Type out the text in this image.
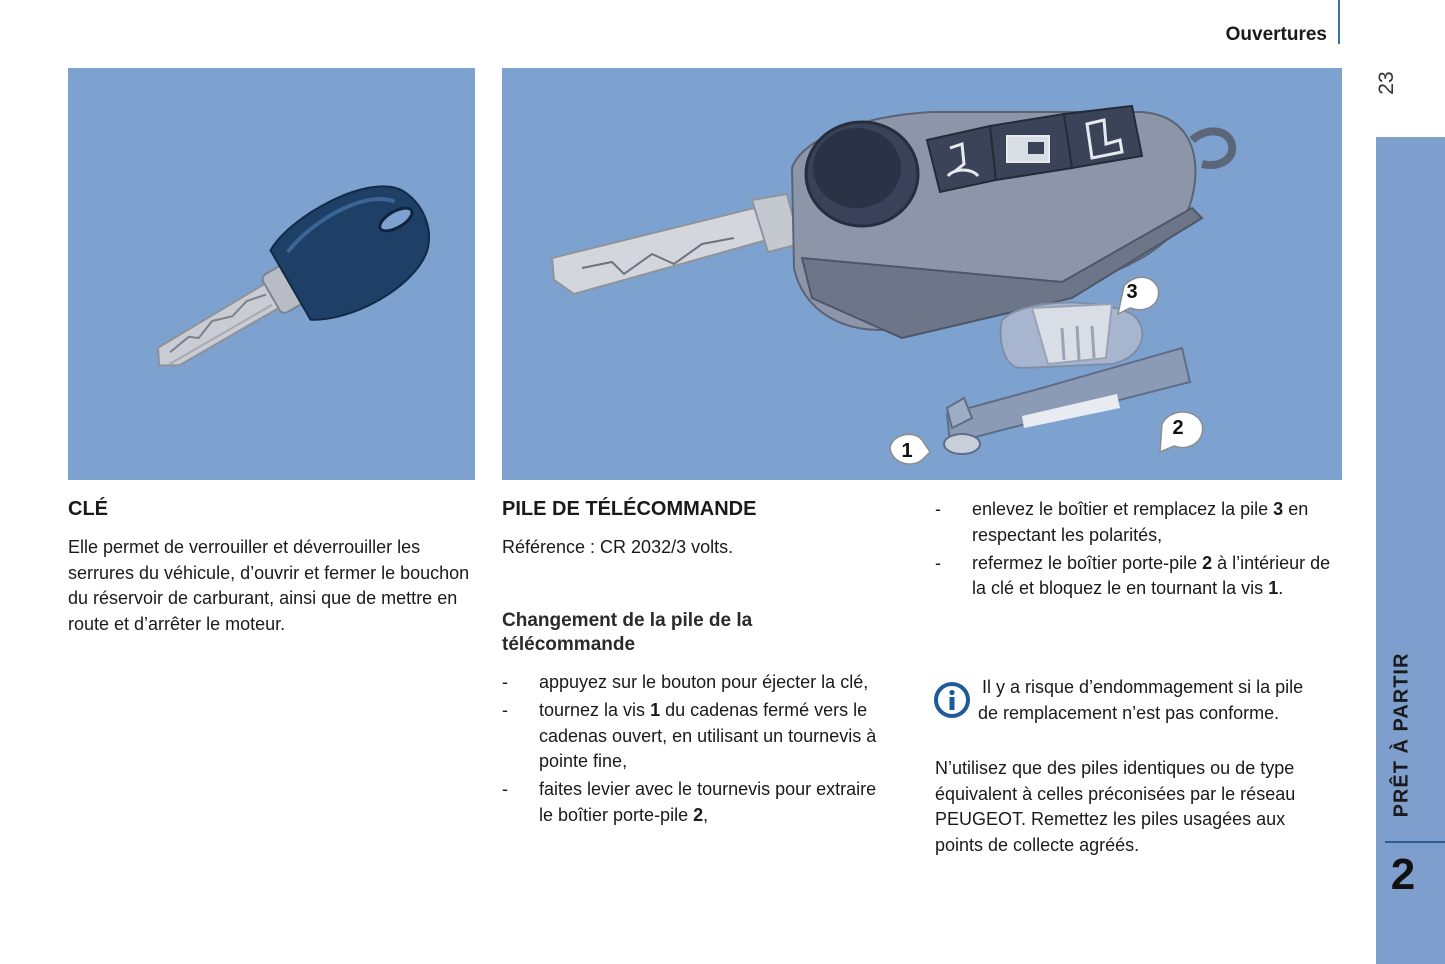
Ouvertures
23
PRÊT À PARTIR
2
3
2
1
CLÉ

Elle permet de verrouiller et déverrouiller les serrures du véhicule, d’ouvrir et fermer le bouchon du réservoir de carburant, ainsi que de mettre en route et d’arrêter le moteur.

PILE DE TÉLÉCOMMANDE

Référence : CR 2032/3 volts.

Changement de la pile de la télécommande
- appuyez sur le bouton pour éjecter la clé,
- tournez la vis 1 du cadenas fermé vers le cadenas ouvert, en utilisant un tournevis à pointe fine,
- faites levier avec le tournevis pour extraire le boîtier porte-pile 2,
- enlevez le boîtier et remplacez la pile 3 en respectant les polarités,
- refermez le boîtier porte-pile 2 à l’intérieur de la clé et bloquez le en tournant la vis 1.

Il y a risque d’endommagement si la pile de remplacement n’est pas conforme.

N’utilisez que des piles identiques ou de type équivalent à celles préconisées par le réseau PEUGEOT. Remettez les piles usagées aux points de collecte agréés.
